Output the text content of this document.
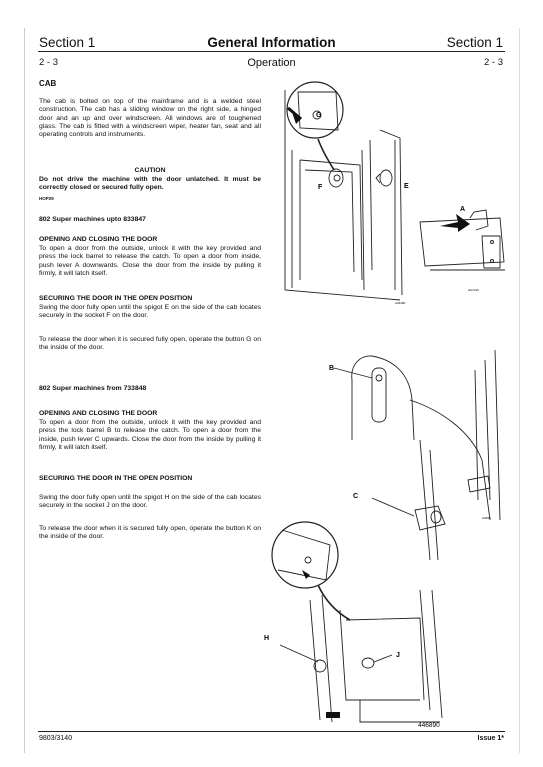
Section 1	General Information	Section 1
2 - 3	Operation	2 - 3
CAB
The cab is bolted on top of the mainframe and is a welded steel construction. The cab has a sliding window on the right side, a hinged door and an up and over windscreen. All windows are of toughened glass. The cab is fitted with a windscreen wiper, heater fan, seat and all operating controls and instruments.
CAUTION
Do not drive the machine with the door unlatched. It must be correctly closed or secured fully open.
HOP29
802 Super machines upto 833847
OPENING AND CLOSING THE DOOR
To open a door from the outside, unlock it with the key provided and press the lock barrel to release the catch. To open a door from inside, push lever A downwards. Close the door from the inside by pulling it firmly, it will latch itself.
SECURING THE DOOR IN THE OPEN POSITION
Swing the door fully open until the spigot E on the side of the cab locates securely in the socket F on the door.
To release the door when it is secured fully open, operate the button G on the inside of the door.
802 Super machines from 733848
OPENING AND CLOSING THE DOOR
To open a door from the outside, unlock it with the key provided and press the lock barrel B to release the catch. To open a door from the inside, push lever C upwards. Close the door from the inside by pulling it firmly, it will latch itself.
SECURING THE DOOR IN THE OPEN POSITION
Swing the door fully open until the spigot H on the side of the cab locates securely in the socket J on the door.
To release the door when it is secured fully open, operate the button K on the inside of the door.
G
F	E
A
A04280
HA1210
B
C
H
J
A0993
446890
9803/3140	Issue 1*
